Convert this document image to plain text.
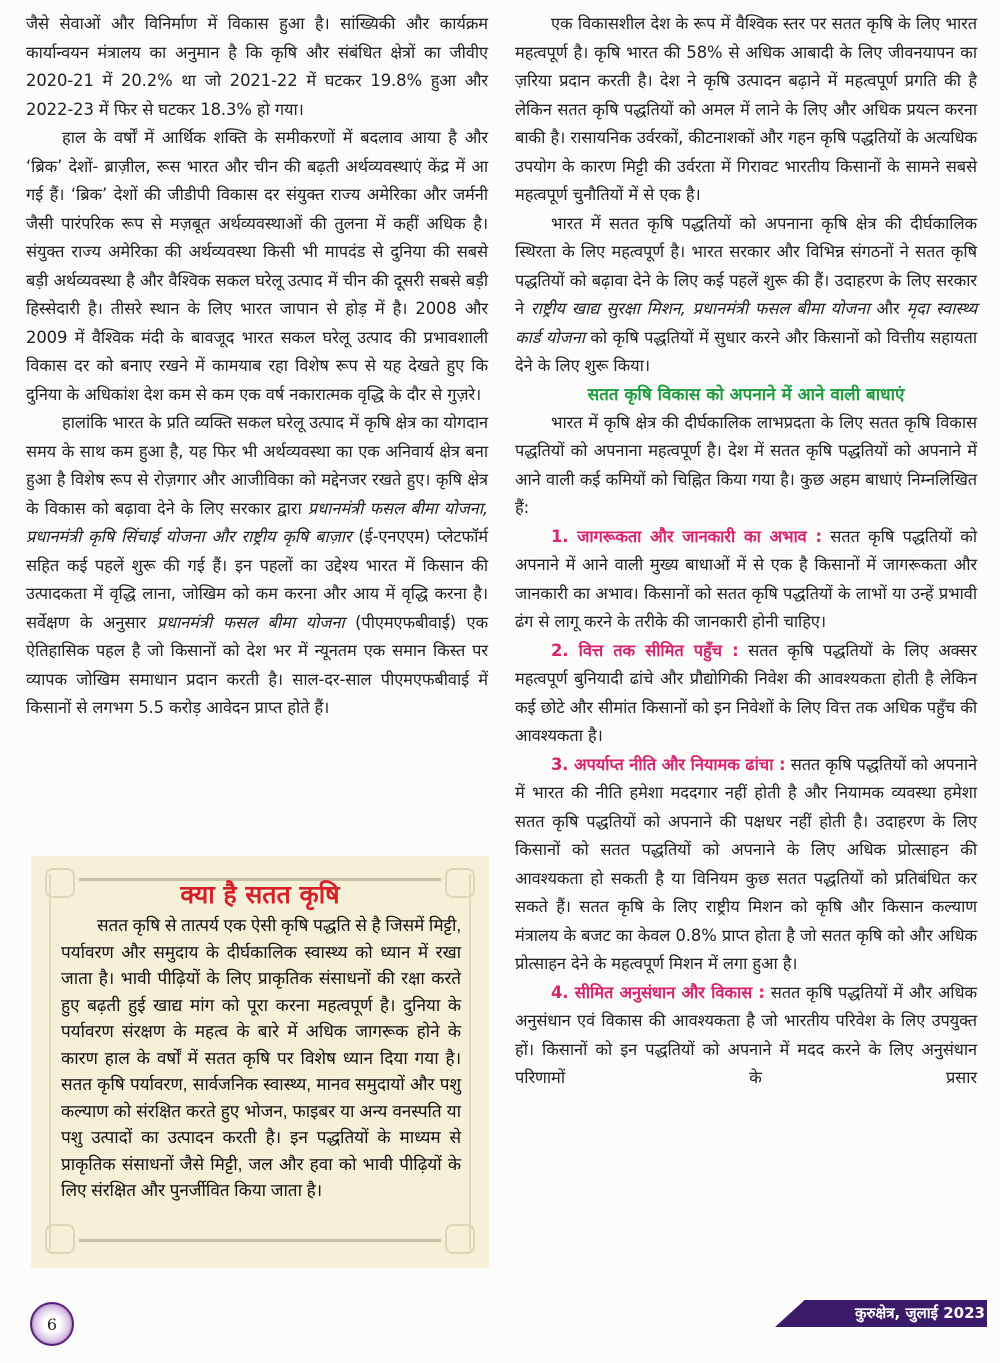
जैसे सेवाओं और विनिर्माण में विकास हुआ है। सांख्यिकी और कार्यक्रम कार्यान्वयन मंत्रालय का अनुमान है कि कृषि और संबंधित क्षेत्रों का जीवीए 2020-21 में 20.2% था जो 2021-22 में घटकर 19.8% हुआ और 2022-23 में फिर से घटकर 18.3% हो गया।

हाल के वर्षों में आर्थिक शक्ति के समीकरणों में बदलाव आया है और ‘ब्रिक’ देशों- ब्राज़ील, रूस भारत और चीन की बढ़ती अर्थव्यवस्थाएं केंद्र में आ गई हैं। ‘ब्रिक’ देशों की जीडीपी विकास दर संयुक्त राज्य अमेरिका और जर्मनी जैसी पारंपरिक रूप से मज़बूत अर्थव्यवस्थाओं की तुलना में कहीं अधिक है। संयुक्त राज्य अमेरिका की अर्थव्यवस्था किसी भी मापदंड से दुनिया की सबसे बड़ी अर्थव्यवस्था है और वैश्विक सकल घरेलू उत्पाद में चीन की दूसरी सबसे बड़ी हिस्सेदारी है। तीसरे स्थान के लिए भारत जापान से होड़ में है। 2008 और 2009 में वैश्विक मंदी के बावजूद भारत सकल घरेलू उत्पाद की प्रभावशाली विकास दर को बनाए रखने में कामयाब रहा विशेष रूप से यह देखते हुए कि दुनिया के अधिकांश देश कम से कम एक वर्ष नकारात्मक वृद्धि के दौर से गुज़रे।

हालांकि भारत के प्रति व्यक्ति सकल घरेलू उत्पाद में कृषि क्षेत्र का योगदान समय के साथ कम हुआ है, यह फिर भी अर्थव्यवस्था का एक अनिवार्य क्षेत्र बना हुआ है विशेष रूप से रोज़गार और आजीविका को मद्देनजर रखते हुए। कृषि क्षेत्र के विकास को बढ़ावा देने के लिए सरकार द्वारा प्रधानमंत्री फसल बीमा योजना, प्रधानमंत्री कृषि सिंचाई योजना और राष्ट्रीय कृषि बाज़ार (ई-एनएएम) प्लेटफॉर्म सहित कई पहलें शुरू की गई हैं। इन पहलों का उद्देश्य भारत में किसान की उत्पादकता में वृद्धि लाना, जोखिम को कम करना और आय में वृद्धि करना है। सर्वेक्षण के अनुसार प्रधानमंत्री फसल बीमा योजना (पीएमएफबीवाई) एक ऐतिहासिक पहल है जो किसानों को देश भर में न्यूनतम एक समान किस्त पर व्यापक जोखिम समाधान प्रदान करती है। साल-दर-साल पीएमएफबीवाई में किसानों से लगभग 5.5 करोड़ आवेदन प्राप्त होते हैं।

क्या है सतत कृषि

सतत कृषि से तात्पर्य एक ऐसी कृषि पद्धति से है जिसमें मिट्टी, पर्यावरण और समुदाय के दीर्घकालिक स्वास्थ्य को ध्यान में रखा जाता है। भावी पीढ़ियों के लिए प्राकृतिक संसाधनों की रक्षा करते हुए बढ़ती हुई खाद्य मांग को पूरा करना महत्वपूर्ण है। दुनिया के पर्यावरण संरक्षण के महत्व के बारे में अधिक जागरूक होने के कारण हाल के वर्षों में सतत कृषि पर विशेष ध्यान दिया गया है। सतत कृषि पर्यावरण, सार्वजनिक स्वास्थ्य, मानव समुदायों और पशु कल्याण को संरक्षित करते हुए भोजन, फाइबर या अन्य वनस्पति या पशु उत्पादों का उत्पादन करती है। इन पद्धतियों के माध्यम से प्राकृतिक संसाधनों जैसे मिट्टी, जल और हवा को भावी पीढ़ियों के लिए संरक्षित और पुनर्जीवित किया जाता है।

एक विकासशील देश के रूप में वैश्विक स्तर पर सतत कृषि के लिए भारत महत्वपूर्ण है। कृषि भारत की 58% से अधिक आबादी के लिए जीवनयापन का ज़रिया प्रदान करती है। देश ने कृषि उत्पादन बढ़ाने में महत्वपूर्ण प्रगति की है लेकिन सतत कृषि पद्धतियों को अमल में लाने के लिए और अधिक प्रयत्न करना बाकी है। रासायनिक उर्वरकों, कीटनाशकों और गहन कृषि पद्धतियों के अत्यधिक उपयोग के कारण मिट्टी की उर्वरता में गिरावट भारतीय किसानों के सामने सबसे महत्वपूर्ण चुनौतियों में से एक है।

भारत में सतत कृषि पद्धतियों को अपनाना कृषि क्षेत्र की दीर्घकालिक स्थिरता के लिए महत्वपूर्ण है। भारत सरकार और विभिन्न संगठनों ने सतत कृषि पद्धतियों को बढ़ावा देने के लिए कई पहलें शुरू की हैं। उदाहरण के लिए सरकार ने राष्ट्रीय खाद्य सुरक्षा मिशन, प्रधानमंत्री फसल बीमा योजना और मृदा स्वास्थ्य कार्ड योजना को कृषि पद्धतियों में सुधार करने और किसानों को वित्तीय सहायता देने के लिए शुरू किया।

सतत कृषि विकास को अपनाने में आने वाली बाधाएं

भारत में कृषि क्षेत्र की दीर्घकालिक लाभप्रदता के लिए सतत कृषि विकास पद्धतियों को अपनाना महत्वपूर्ण है। देश में सतत कृषि पद्धतियों को अपनाने में आने वाली कई कमियों को चिह्नित किया गया है। कुछ अहम बाधाएं निम्नलिखित हैं:

1. जागरूकता और जानकारी का अभाव : सतत कृषि पद्धतियों को अपनाने में आने वाली मुख्य बाधाओं में से एक है किसानों में जागरूकता और जानकारी का अभाव। किसानों को सतत कृषि पद्धतियों के लाभों या उन्हें प्रभावी ढंग से लागू करने के तरीके की जानकारी होनी चाहिए।

2. वित्त तक सीमित पहुँच : सतत कृषि पद्धतियों के लिए अक्सर महत्वपूर्ण बुनियादी ढांचे और प्रौद्योगिकी निवेश की आवश्यकता होती है लेकिन कई छोटे और सीमांत किसानों को इन निवेशों के लिए वित्त तक अधिक पहुँच की आवश्यकता है।

3. अपर्याप्त नीति और नियामक ढांचा : सतत कृषि पद्धतियों को अपनाने में भारत की नीति हमेशा मददगार नहीं होती है और नियामक व्यवस्था हमेशा सतत कृषि पद्धतियों को अपनाने की पक्षधर नहीं होती है। उदाहरण के लिए किसानों को सतत पद्धतियों को अपनाने के लिए अधिक प्रोत्साहन की आवश्यकता हो सकती है या विनियम कुछ सतत पद्धतियों को प्रतिबंधित कर सकते हैं। सतत कृषि के लिए राष्ट्रीय मिशन को कृषि और किसान कल्याण मंत्रालय के बजट का केवल 0.8% प्राप्त होता है जो सतत कृषि को और अधिक प्रोत्साहन देने के महत्वपूर्ण मिशन में लगा हुआ है।

4. सीमित अनुसंधान और विकास : सतत कृषि पद्धतियों में और अधिक अनुसंधान एवं विकास की आवश्यकता है जो भारतीय परिवेश के लिए उपयुक्त हों। किसानों को इन पद्धतियों को अपनाने में मदद करने के लिए अनुसंधान परिणामों के प्रसार

6
कुरुक्षेत्र, जुलाई 2023
